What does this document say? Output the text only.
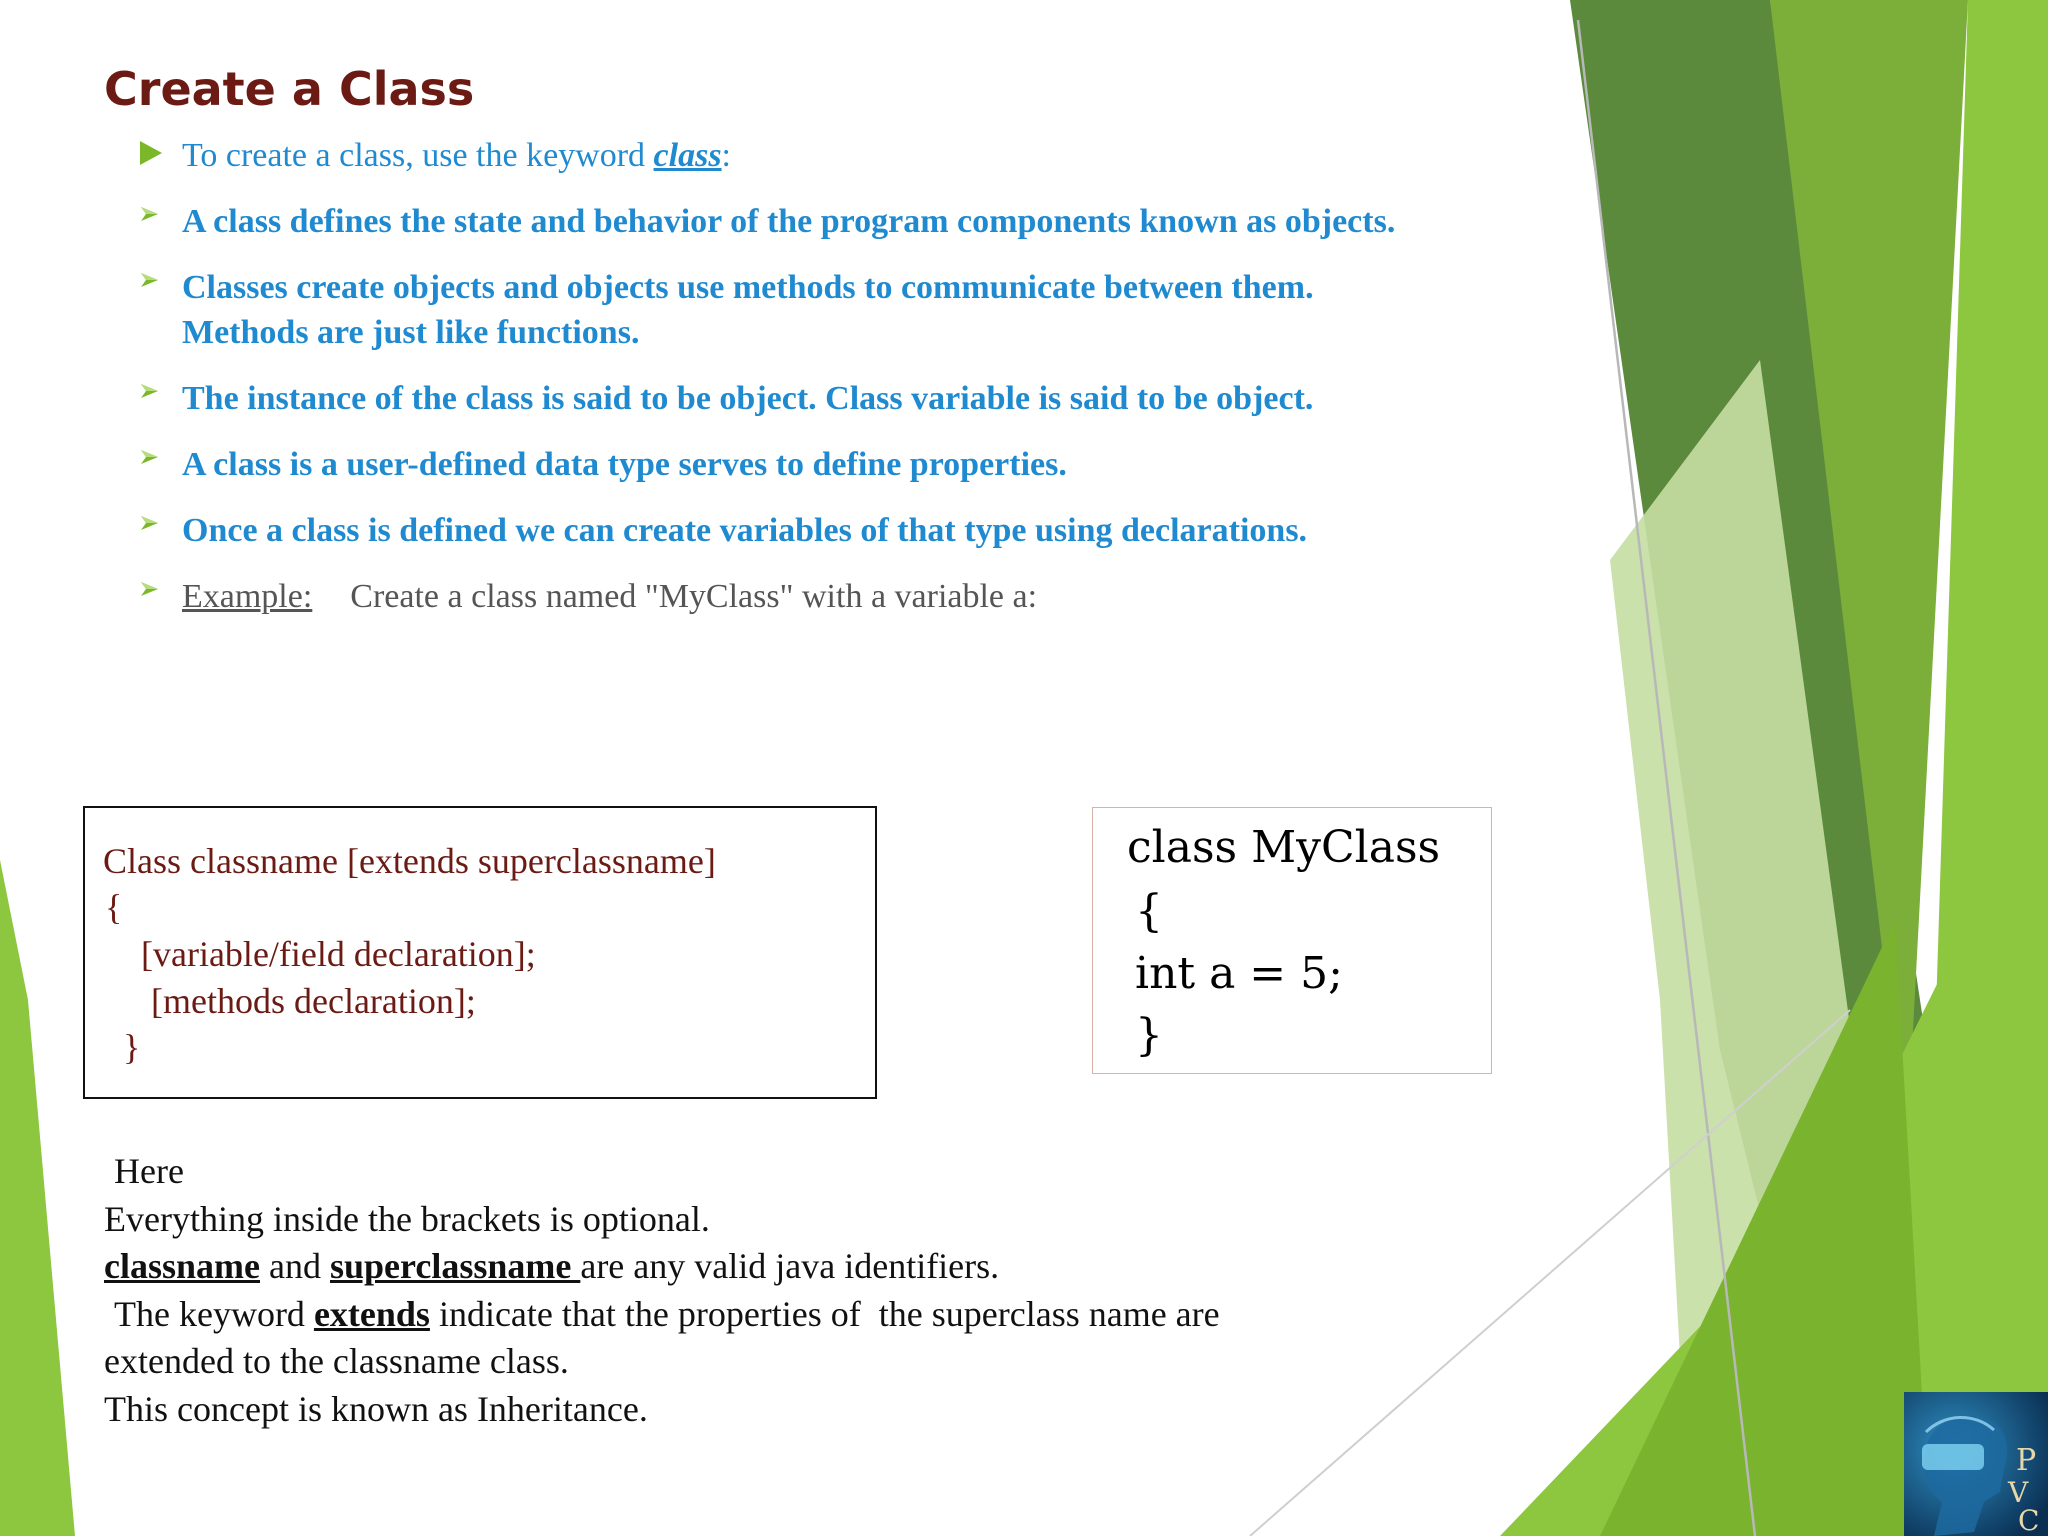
Create a Class
To create a class, use the keyword class:
A class defines the state and behavior of the program components known as objects.
Classes create objects and objects use methods to communicate between them. Methods are just like functions.
The instance of the class is said to be object. Class variable is said to be object.
A class is a user-defined data type serves to define properties.
Once a class is defined we can create variables of that type using declarations.
Example: Create a class named "MyClass" with a variable a:
Class classname [extends superclassname]
{
[variable/field declaration];
[methods declaration];
}
class MyClass
{
int a = 5;
}

Here

Everything inside the brackets is optional.

classname and superclassname are any valid java identifiers.

The keyword extends indicate that the properties of  the superclass name are

extended to the classname class.

This concept is known as Inheritance.

P
V
C
